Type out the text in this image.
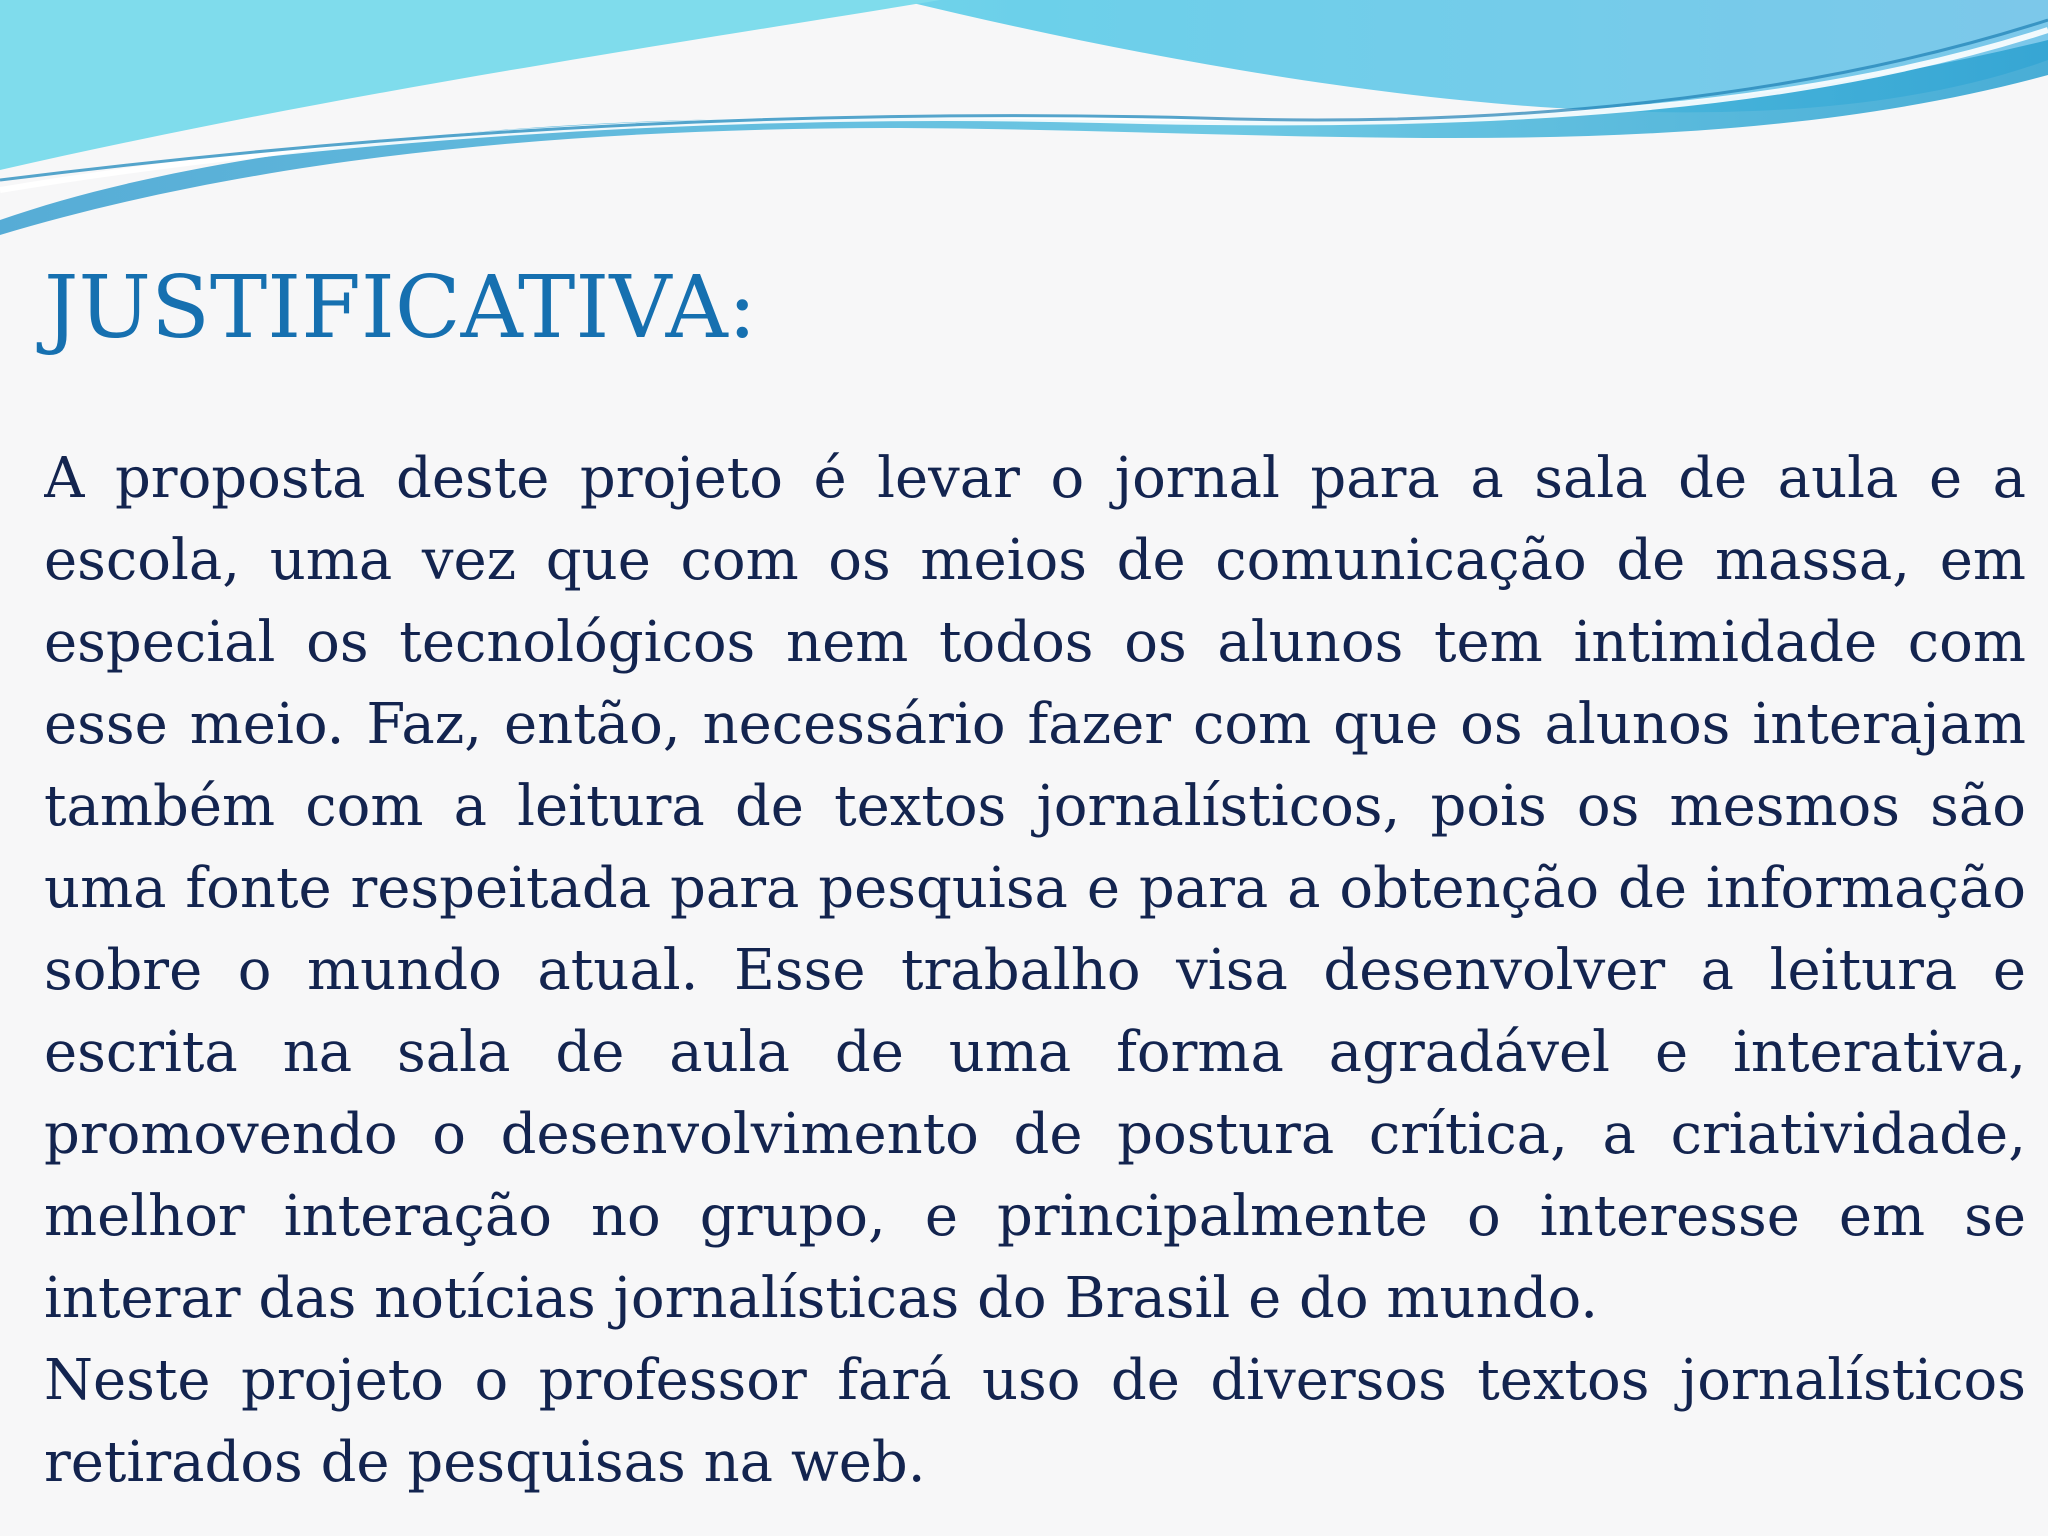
JUSTIFICATIVA:

A proposta deste projeto é levar o jornal para a sala de aula e a escola, uma vez que com os meios de comunicação de massa, em especial os tecnológicos nem todos os alunos tem intimidade com esse meio. Faz, então, necessário fazer com que os alunos interajam também com a leitura de textos jornalísticos, pois os mesmos são uma fonte respeitada para pesquisa e para a obtenção de informação sobre o mundo atual. Esse trabalho visa desenvolver a leitura e escrita na sala de aula de uma forma agradável e interativa, promovendo o desenvolvimento de postura crítica, a criatividade, melhor interação no grupo, e principalmente o interesse em se interar das notícias jornalísticas do Brasil e do mundo.

Neste projeto o professor fará uso de diversos textos jornalísticos retirados de pesquisas na web.
